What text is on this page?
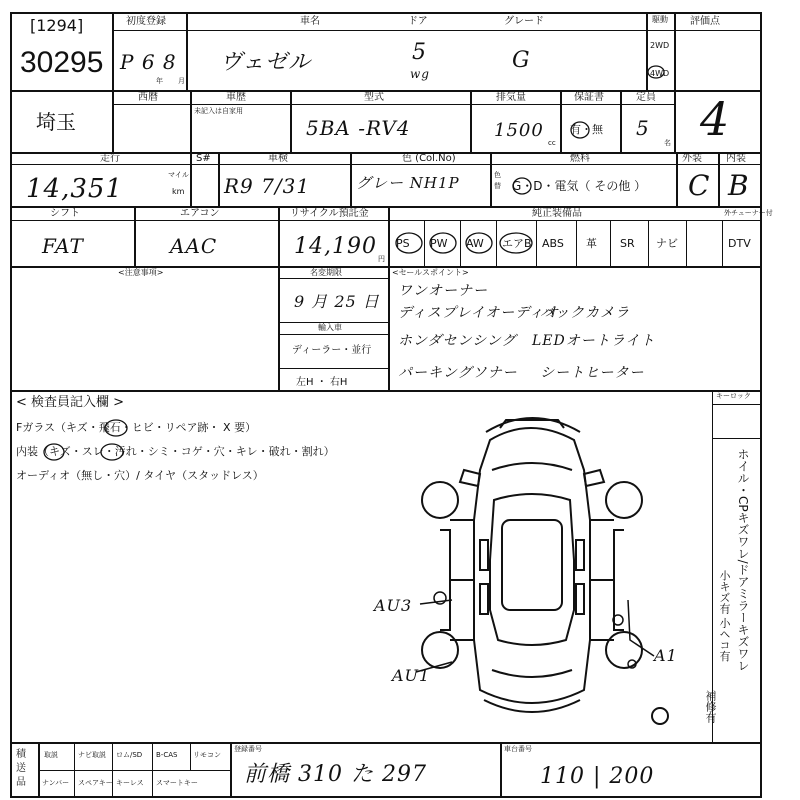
[1294]
30295
初度登録
P 6 8
年 月
車名
ヴェゼル
ドア
5
wg
グレード
G
駆動
2WD
4WD
評価点
4
埼玉
西暦	車歴
未記入は自家用
型式
5BA -RV4
排気量
1500
cc
保証書
有・無
定員
5
名
走行
14,351	マイル
km
S#	車検
R9 7/31
色 (Col.No)
グレー NH1P	色替
燃料
G・D・電気（ その他 ）
外装
C
内装
B
シフト
FAT
エアコン
AAC
リサイクル預託金
14,190 円
純正装備品	外チューナー付
PS PW AW エアB ABS 革 SR ナビ	DTV
<注意事項>	名変期限
9 月 25 日
輸入車
ディーラー・並行
左H ・ 右H
<セールスポイント>
ワンオーナー
ディスプレイオーディオ
バックカメラ
ホンダセンシング LEDオートライト
パーキングソナー シートヒーター
< 検査員記入欄 >
Fガラス（キズ・飛石・ヒビ・リペア跡・ X 要）
内装（キズ・スレ・汚れ・シミ・コゲ・穴・キレ・破れ・割れ）
オーディオ（無し・穴）/ タイヤ（スタッドレス）
キーロック
ホイル・CPキズワレ/ドアミラーキズワレ
小キズ有 小ヘコ有
補修有
AU3
AU1
A1
積送品
取説	ナビ取説 ロム/SD B-CAS リモコン
ナンバー スペアキー キーレス スマートキー
登録番号
前橋 310 た 297
車台番号
110 | 200
